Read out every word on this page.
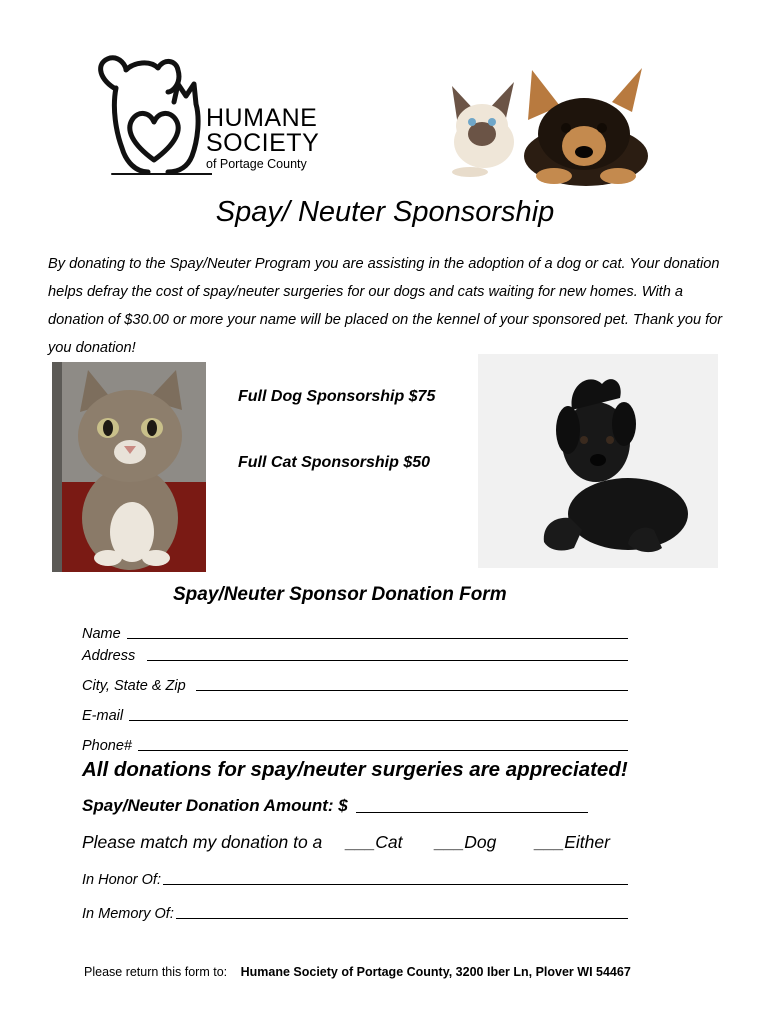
HUMANE
SOCIETY
of Portage County
Spay/ Neuter Sponsorship
By donating to the Spay/Neuter Program you are assisting in the adoption of a dog or cat. Your donation helps defray the cost of spay/neuter surgeries for our dogs and cats waiting for new homes. With a donation of $30.00 or more your name will be placed on the kennel of your sponsored pet. Thank you for you donation!
Full Dog Sponsorship $75
Full Cat Sponsorship $50
Spay/Neuter Sponsor Donation Form
Name
Address
City, State & Zip
E-mail
Phone#
All donations for spay/neuter surgeries are appreciated!
Spay/Neuter Donation Amount: $
Please match my donation to a ___Cat ___Dog ___Either
In Honor Of:
In Memory Of:
Please return this form to: Humane Society of Portage County, 3200 Iber Ln, Plover WI 54467
